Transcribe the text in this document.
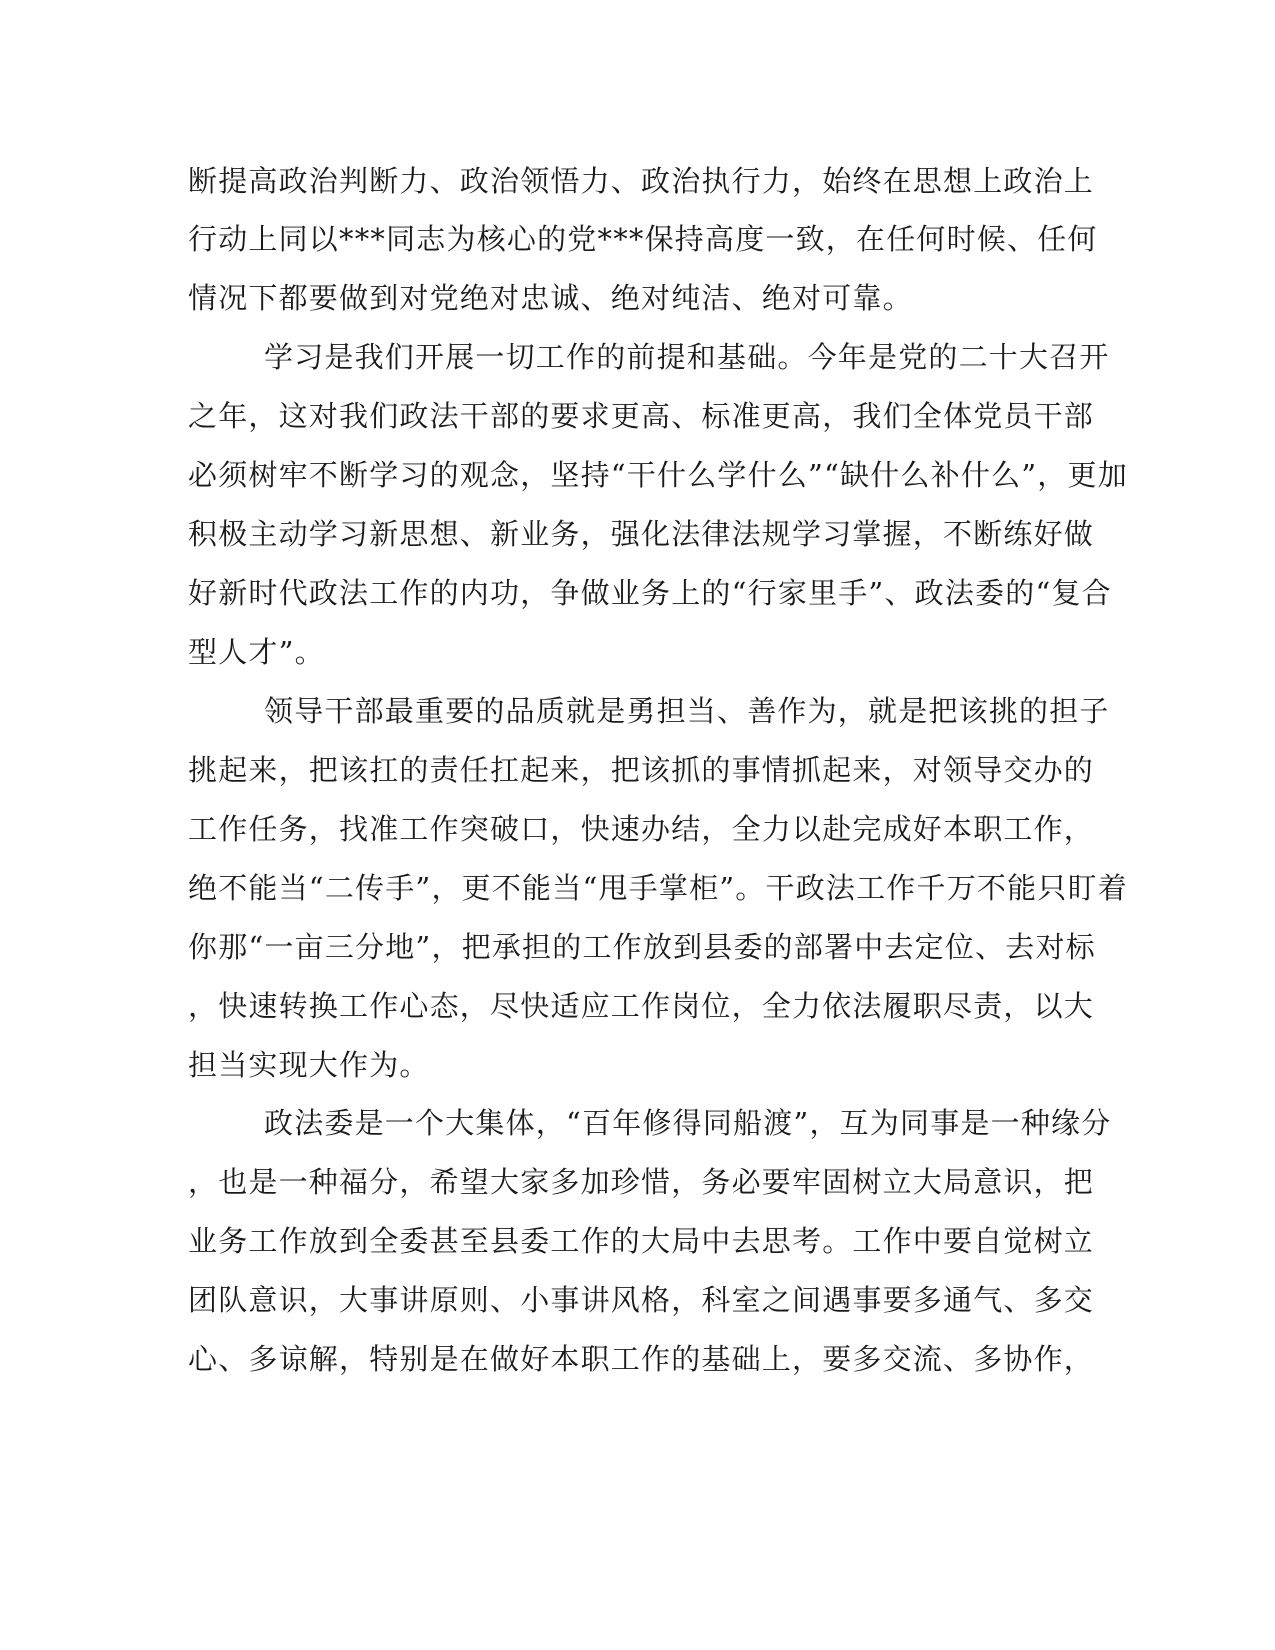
断提高政治判断力、政治领悟力、政治执行力，始终在思想上政治上
行动上同以***同志为核心的党***保持高度一致，在任何时候、任何
情况下都要做到对党绝对忠诚、绝对纯洁、绝对可靠。
学习是我们开展一切工作的前提和基础。今年是党的二十大召开
之年，这对我们政法干部的要求更高、标准更高，我们全体党员干部
必须树牢不断学习的观念，坚持“干什么学什么”“缺什么补什么”，更加
积极主动学习新思想、新业务，强化法律法规学习掌握，不断练好做
好新时代政法工作的内功，争做业务上的“行家里手”、政法委的“复合
型人才”。
领导干部最重要的品质就是勇担当、善作为，就是把该挑的担子
挑起来，把该扛的责任扛起来，把该抓的事情抓起来，对领导交办的
工作任务，找准工作突破口，快速办结，全力以赴完成好本职工作，
绝不能当“二传手”，更不能当“甩手掌柜”。干政法工作千万不能只盯着
你那“一亩三分地”，把承担的工作放到县委的部署中去定位、去对标
，快速转换工作心态，尽快适应工作岗位，全力依法履职尽责，以大
担当实现大作为。
政法委是一个大集体，“百年修得同船渡”，互为同事是一种缘分
，也是一种福分，希望大家多加珍惜，务必要牢固树立大局意识，把
业务工作放到全委甚至县委工作的大局中去思考。工作中要自觉树立
团队意识，大事讲原则、小事讲风格，科室之间遇事要多通气、多交
心、多谅解，特别是在做好本职工作的基础上，要多交流、多协作，
